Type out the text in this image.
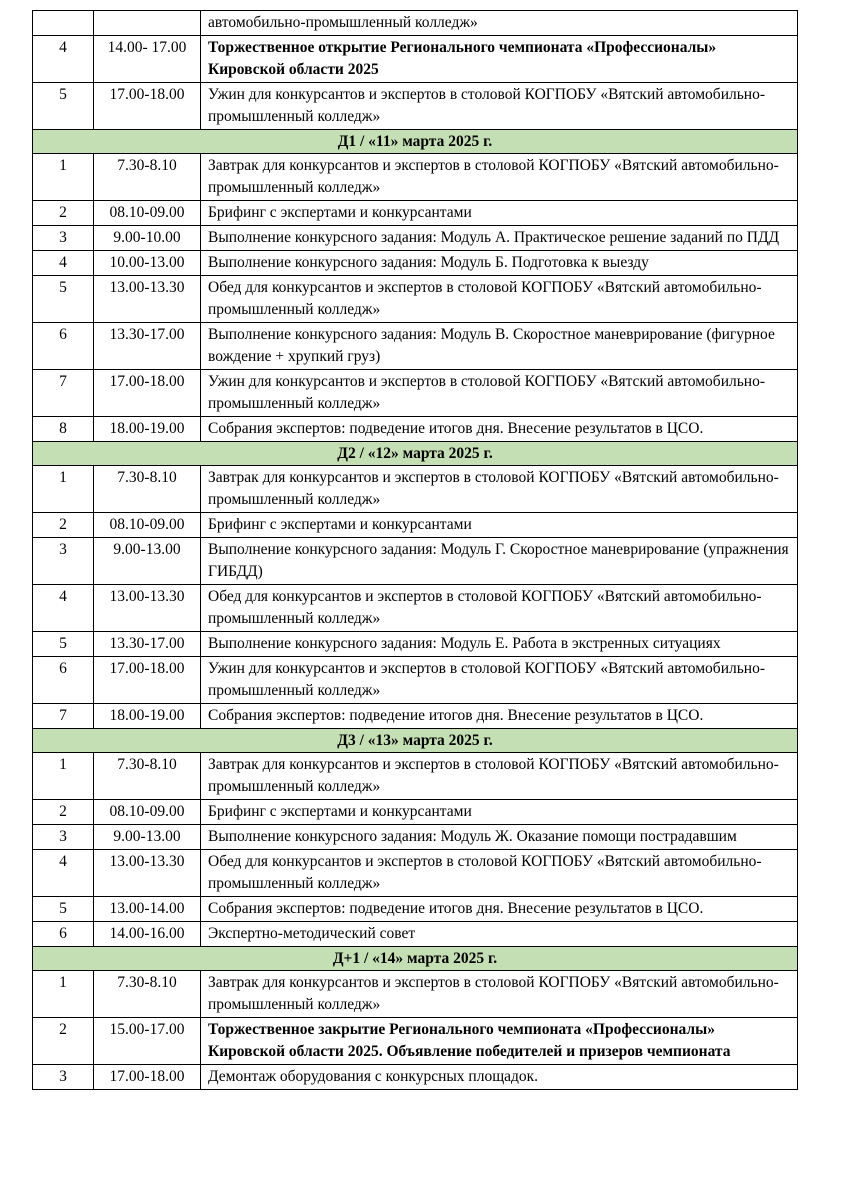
		автомобильно-промышленный колледж»
4	14.00- 17.00	Торжественное открытие Регионального чемпионата «Профессионалы» Кировской области 2025
5	17.00-18.00	Ужин для конкурсантов и экспертов в столовой КОГПОБУ «Вятский автомобильно-промышленный колледж»
Д1 / «11» марта 2025 г.		
1	7.30-8.10	Завтрак для конкурсантов и экспертов в столовой КОГПОБУ «Вятский автомобильно-промышленный колледж»
2	08.10-09.00	Брифинг с экспертами и конкурсантами
3	9.00-10.00	Выполнение конкурсного задания: Модуль А. Практическое решение заданий по ПДД
4	10.00-13.00	Выполнение конкурсного задания: Модуль Б. Подготовка к выезду
5	13.00-13.30	Обед для конкурсантов и экспертов в столовой КОГПОБУ «Вятский автомобильно-промышленный колледж»
6	13.30-17.00	Выполнение конкурсного задания: Модуль В. Скоростное маневрирование (фигурное вождение + хрупкий груз)
7	17.00-18.00	Ужин для конкурсантов и экспертов в столовой КОГПОБУ «Вятский автомобильно-промышленный колледж»
8	18.00-19.00	Собрания экспертов: подведение итогов дня. Внесение результатов в ЦСО.
Д2 / «12» марта 2025 г.		
1	7.30-8.10	Завтрак для конкурсантов и экспертов в столовой КОГПОБУ «Вятский автомобильно-промышленный колледж»
2	08.10-09.00	Брифинг с экспертами и конкурсантами
3	9.00-13.00	Выполнение конкурсного задания: Модуль Г. Скоростное маневрирование (упражнения ГИБДД)
4	13.00-13.30	Обед для конкурсантов и экспертов в столовой КОГПОБУ «Вятский автомобильно-промышленный колледж»
5	13.30-17.00	Выполнение конкурсного задания: Модуль Е. Работа в экстренных ситуациях
6	17.00-18.00	Ужин для конкурсантов и экспертов в столовой КОГПОБУ «Вятский автомобильно-промышленный колледж»
7	18.00-19.00	Собрания экспертов: подведение итогов дня. Внесение результатов в ЦСО.
Д3 / «13» марта 2025 г.		
1	7.30-8.10	Завтрак для конкурсантов и экспертов в столовой КОГПОБУ «Вятский автомобильно-промышленный колледж»
2	08.10-09.00	Брифинг с экспертами и конкурсантами
3	9.00-13.00	Выполнение конкурсного задания: Модуль Ж. Оказание помощи пострадавшим
4	13.00-13.30	Обед для конкурсантов и экспертов в столовой КОГПОБУ «Вятский автомобильно-промышленный колледж»
5	13.00-14.00	Собрания экспертов: подведение итогов дня. Внесение результатов в ЦСО.
6	14.00-16.00	Экспертно-методический совет
Д+1 / «14» марта 2025 г.		
1	7.30-8.10	Завтрак для конкурсантов и экспертов в столовой КОГПОБУ «Вятский автомобильно-промышленный колледж»
2	15.00-17.00	Торжественное закрытие Регионального чемпионата «Профессионалы» Кировской области 2025. Объявление победителей и призеров чемпионата
3	17.00-18.00	Демонтаж оборудования с конкурсных площадок.
